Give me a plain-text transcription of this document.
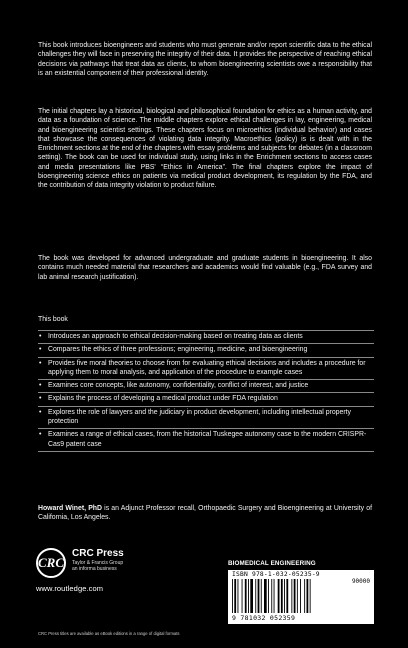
This book introduces bioengineers and students who must generate and/or report scientific data to the ethical challenges they will face in preserving the integrity of their data. It provides the perspective of reaching ethical decisions via pathways that treat data as clients, to whom bioengineering scientists owe a responsibility that is an existential component of their professional identity.
The initial chapters lay a historical, biological and philosophical foundation for ethics as a human activity, and data as a foundation of science. The middle chapters explore ethical challenges in lay, engineering, medical and bioengineering scientist settings. These chapters focus on microethics (individual behavior) and cases that showcase the consequences of violating data integrity. Macroethics (policy) is is dealt with in the Enrichment sections at the end of the chapters with essay problems and subjects for debates (in a classroom setting). The book can be used for individual study, using links in the Enrichment sections to access cases and media presentations like PBS' “Ethics in America”. The final chapters explore the impact of bioengineering science ethics on patients via medical product development, its regulation by the FDA, and the contribution of data integrity violation to product failure.
The book was developed for advanced undergraduate and graduate students in bioengineering. It also contains much needed material that researchers and academics would find valuable (e.g., FDA survey and lab animal research justification).
This book
• Introduces an approach to ethical decision-making based on treating data as clients
• Compares the ethics of three professions; engineering, medicine, and bioengineering
• Provides five moral theories to choose from for evaluating ethical decisions and includes a procedure for applying them to moral analysis, and application of the procedure to example cases
• Examines core concepts, like autonomy, confidentiality, conflict of interest, and justice
• Explains the process of developing a medical product under FDA regulation
• Explores the role of lawyers and the judiciary in product development, including intellectual property protection
• Examines a range of ethical cases, from the historical Tuskegee autonomy case to the modern CRISPR-Cas9 patent case
Howard Winet, PhD is an Adjunct Professor recall, Orthopaedic Surgery and Bioengineering at University of California, Los Angeles.
CRC
CRC Press
Taylor & Francis Group
an informa business
www.routledge.com
CRC Press titles are available as eBook editions in a range of digital formats
BIOMEDICAL ENGINEERING
ISBN 978-1-032-05235-9
90000
9 781032 052359
